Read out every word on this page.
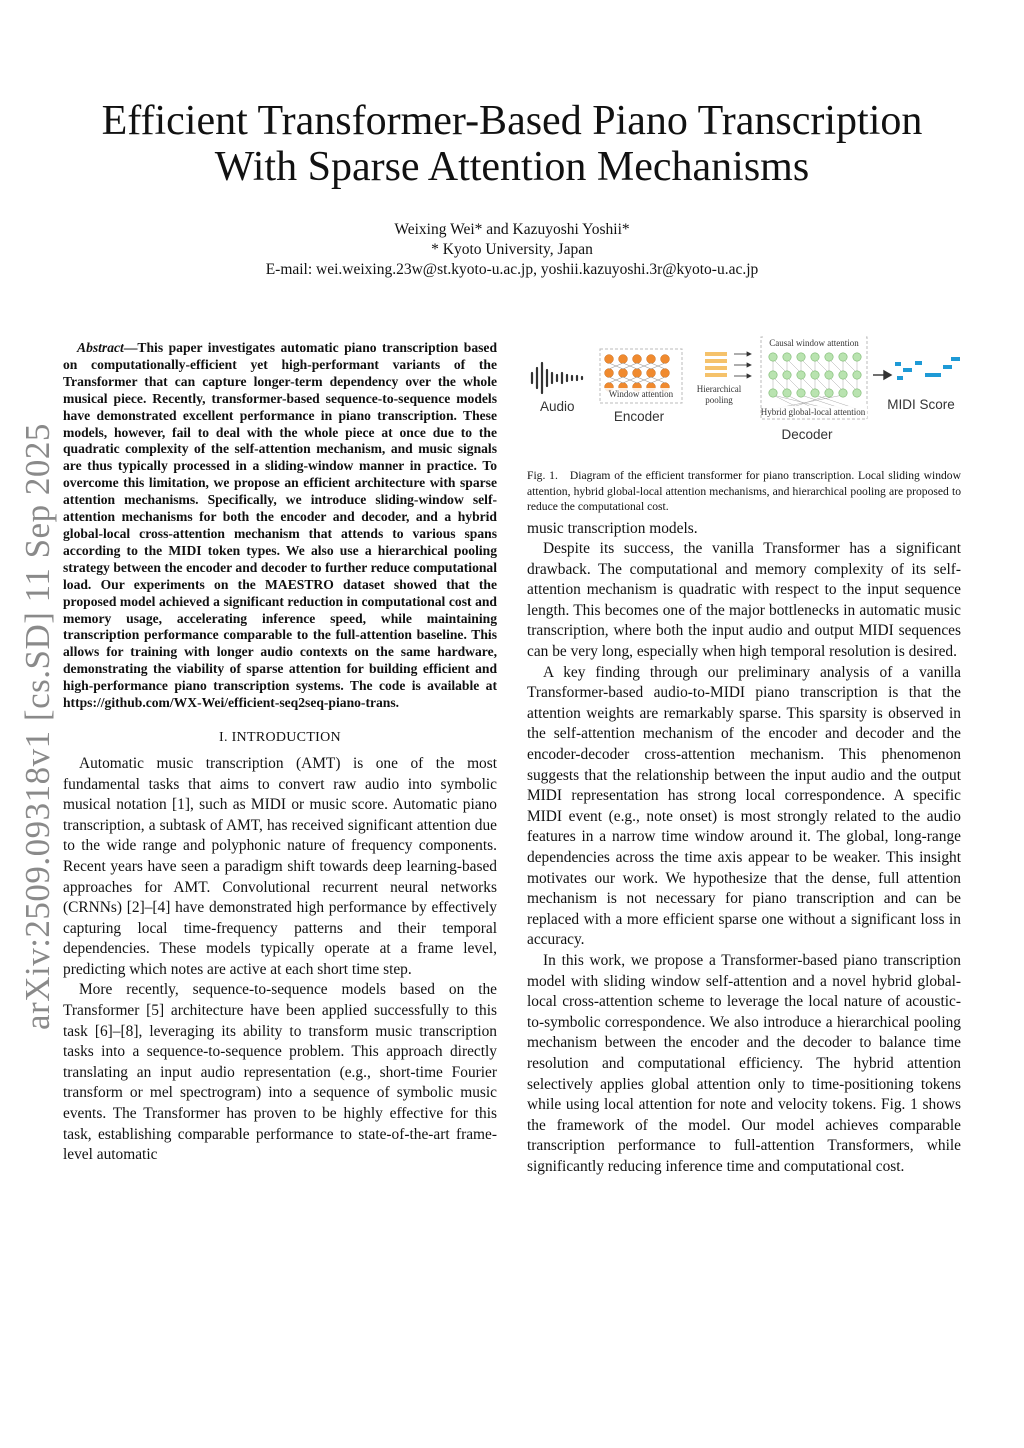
Efficient Transformer-Based Piano Transcription
With Sparse Attention Mechanisms
Weixing Wei* and Kazuyoshi Yoshii*
* Kyoto University, Japan
E-mail: wei.weixing.23w@st.kyoto-u.ac.jp, yoshii.kazuyoshi.3r@kyoto-u.ac.jp
arXiv:2509.09318v1 [cs.SD] 11 Sep 2025

Abstract—This paper investigates automatic piano transcription based on computationally-efficient yet high-performant variants of the Transformer that can capture longer-term dependency over the whole musical piece. Recently, transformer-based sequence-to-sequence models have demonstrated excellent performance in piano transcription. These models, however, fail to deal with the whole piece at once due to the quadratic complexity of the self-attention mechanism, and music signals are thus typically processed in a sliding-window manner in practice. To overcome this limitation, we propose an efficient architecture with sparse attention mechanisms. Specifically, we introduce sliding-window self-attention mechanisms for both the encoder and decoder, and a hybrid global-local cross-attention mechanism that attends to various spans according to the MIDI token types. We also use a hierarchical pooling strategy between the encoder and decoder to further reduce computational load. Our experiments on the MAESTRO dataset showed that the proposed model achieved a significant reduction in computational cost and memory usage, accelerating inference speed, while maintaining transcription performance comparable to the full-attention baseline. This allows for training with longer audio contexts on the same hardware, demonstrating the viability of sparse attention for building efficient and high-performance piano transcription systems. The code is available at https://github.com/WX-Wei/efficient-seq2seq-piano-trans.

I. INTRODUCTION

Automatic music transcription (AMT) is one of the most fundamental tasks that aims to convert raw audio into symbolic musical notation [1], such as MIDI or music score. Automatic piano transcription, a subtask of AMT, has received significant attention due to the wide range and polyphonic nature of frequency components. Recent years have seen a paradigm shift towards deep learning-based approaches for AMT. Convolutional recurrent neural networks (CRNNs) [2]–[4] have demonstrated high performance by effectively capturing local time-frequency patterns and their temporal dependencies. These models typically operate at a frame level, predicting which notes are active at each short time step.

More recently, sequence-to-sequence models based on the Transformer [5] architecture have been applied successfully to this task [6]–[8], leveraging its ability to transform music transcription tasks into a sequence-to-sequence problem. This approach directly translating an input audio representation (e.g., short-time Fourier transform or mel spectrogram) into a sequence of symbolic music events. The Transformer has proven to be highly effective for this task, establishing comparable performance to state-of-the-art frame-level automatic

Audio
Window attention
Encoder
Hierarchical
pooling
Causal window attention
Hybrid global-local attention
Decoder
MIDI Score

Fig. 1. Diagram of the efficient transformer for piano transcription. Local sliding window attention, hybrid global-local attention mechanisms, and hierarchical pooling are proposed to reduce the computational cost.

music transcription models.

Despite its success, the vanilla Transformer has a significant drawback. The computational and memory complexity of its self-attention mechanism is quadratic with respect to the input sequence length. This becomes one of the major bottlenecks in automatic music transcription, where both the input audio and output MIDI sequences can be very long, especially when high temporal resolution is desired.

A key finding through our preliminary analysis of a vanilla Transformer-based audio-to-MIDI piano transcription is that the attention weights are remarkably sparse. This sparsity is observed in the self-attention mechanism of the encoder and decoder and the encoder-decoder cross-attention mechanism. This phenomenon suggests that the relationship between the input audio and the output MIDI representation has strong local correspondence. A specific MIDI event (e.g., note onset) is most strongly related to the audio features in a narrow time window around it. The global, long-range dependencies across the time axis appear to be weaker. This insight motivates our work. We hypothesize that the dense, full attention mechanism is not necessary for piano transcription and can be replaced with a more efficient sparse one without a significant loss in accuracy.

In this work, we propose a Transformer-based piano transcription model with sliding window self-attention and a novel hybrid global-local cross-attention scheme to leverage the local nature of acoustic-to-symbolic correspondence. We also introduce a hierarchical pooling mechanism between the encoder and the decoder to balance time resolution and computational efficiency. The hybrid attention selectively applies global attention only to time-positioning tokens while using local attention for note and velocity tokens. Fig. 1 shows the framework of the model. Our model achieves comparable transcription performance to full-attention Transformers, while significantly reducing inference time and computational cost.
